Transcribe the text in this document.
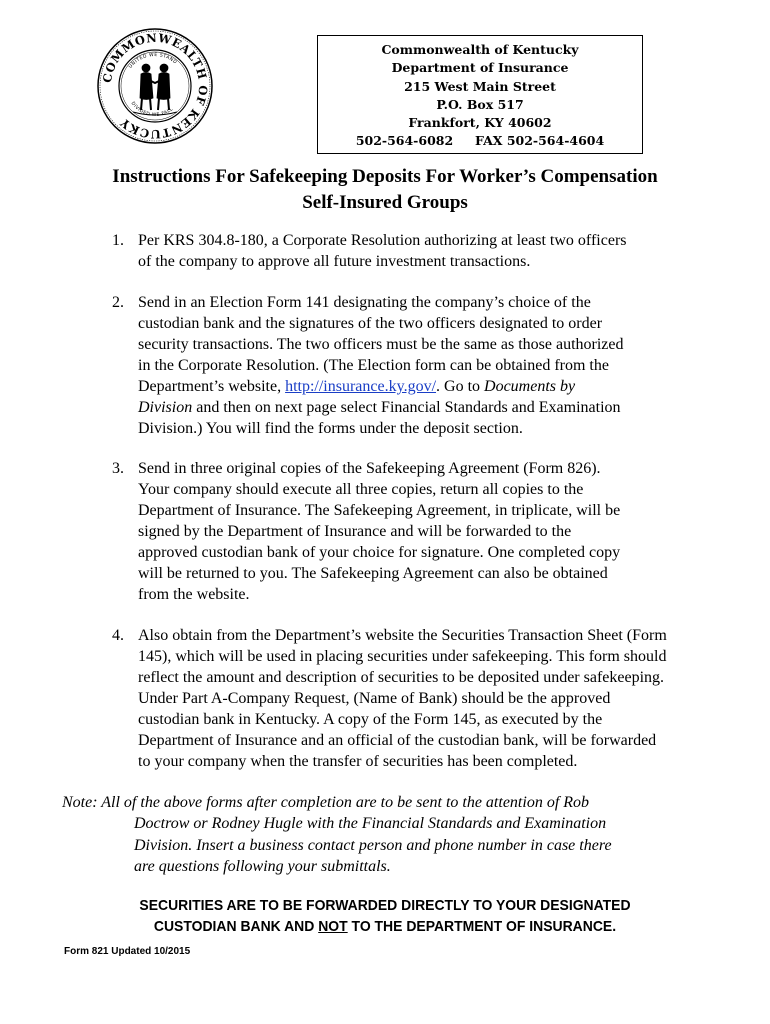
COMMONWEALTH OF KENTUCKY
UNITED WE STAND
DIVIDED WE FALL
Commonwealth of Kentucky
Department of Insurance
215 West Main Street
P.O. Box 517
Frankfort, KY 40602
502-564-6082 FAX 502-564-4604
Instructions For Safekeeping Deposits For Worker’s Compensation
Self-Insured Groups
1. Per KRS 304.8-180, a Corporate Resolution authorizing at least two officers
of the company to approve all future investment transactions.
2. Send in an Election Form 141 designating the company’s choice of the
custodian bank and the signatures of the two officers designated to order
security transactions. The two officers must be the same as those authorized
in the Corporate Resolution. (The Election form can be obtained from the
Department’s website, http://insurance.ky.gov/. Go to Documents by
Division and then on next page select Financial Standards and Examination
Division.) You will find the forms under the deposit section.
3. Send in three original copies of the Safekeeping Agreement (Form 826).
Your company should execute all three copies, return all copies to the
Department of Insurance. The Safekeeping Agreement, in triplicate, will be
signed by the Department of Insurance and will be forwarded to the
approved custodian bank of your choice for signature. One completed copy
will be returned to you. The Safekeeping Agreement can also be obtained
from the website.
4. Also obtain from the Department’s website the Securities Transaction Sheet (Form
145), which will be used in placing securities under safekeeping. This form should
reflect the amount and description of securities to be deposited under safekeeping.
Under Part A-Company Request, (Name of Bank) should be the approved
custodian bank in Kentucky. A copy of the Form 145, as executed by the
Department of Insurance and an official of the custodian bank, will be forwarded
to your company when the transfer of securities has been completed.
Note: All of the above forms after completion are to be sent to the attention of Rob
Doctrow or Rodney Hugle with the Financial Standards and Examination
Division. Insert a business contact person and phone number in case there
are questions following your submittals.
SECURITIES ARE TO BE FORWARDED DIRECTLY TO YOUR DESIGNATED
CUSTODIAN BANK AND NOT TO THE DEPARTMENT OF INSURANCE.
Form 821 Updated 10/2015
